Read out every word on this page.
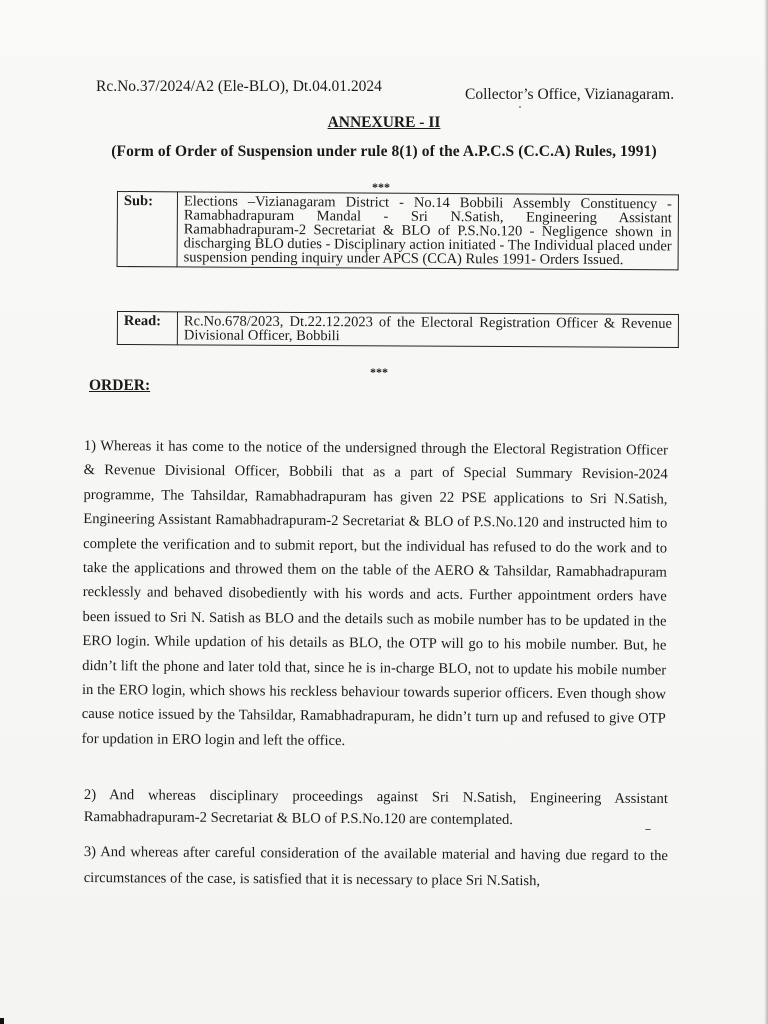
Rc.No.37/2024/A2 (Ele-BLO), Dt.04.01.2024	Collector’s Office, Vizianagaram.
ANNEXURE - II
(Form of Order of Suspension under rule 8(1) of the A.P.C.S (C.C.A) Rules, 1991)
***
Sub:	Elections –Vizianagaram District - No.14 Bobbili Assembly Constituency - Ramabhadrapuram Mandal - Sri N.Satish, Engineering Assistant Ramabhadrapuram-2 Secretariat & BLO of P.S.No.120 - Negligence shown in discharging BLO duties - Disciplinary action initiated - The Individual placed under suspension pending inquiry under APCS (CCA) Rules 1991- Orders Issued.
Read:	Rc.No.678/2023, Dt.22.12.2023 of the Electoral Registration Officer & Revenue Divisional Officer, Bobbili
***
ORDER:

1) Whereas it has come to the notice of the undersigned through the Electoral Registration Officer & Revenue Divisional Officer, Bobbili that as a part of Special Summary Revision-2024 programme, The Tahsildar, Ramabhadrapuram has given 22 PSE applications to Sri N.Satish, Engineering Assistant Ramabhadrapuram-2 Secretariat & BLO of P.S.No.120 and instructed him to complete the verification and to submit report, but the individual has refused to do the work and to take the applications and throwed them on the table of the AERO & Tahsildar, Ramabhadrapuram recklessly and behaved disobediently with his words and acts. Further appointment orders have been issued to Sri N. Satish as BLO and the details such as mobile number has to be updated in the ERO login. While updation of his details as BLO, the OTP will go to his mobile number. But, he didn’t lift the phone and later told that, since he is in-charge BLO, not to update his mobile number in the ERO login, which shows his reckless behaviour towards superior officers. Even though show cause notice issued by the Tahsildar, Ramabhadrapuram, he didn’t turn up and refused to give OTP for updation in ERO login and left the office.

2) And whereas disciplinary proceedings against Sri N.Satish, Engineering Assistant Ramabhadrapuram-2 Secretariat & BLO of P.S.No.120 are contemplated.

3) And whereas after careful consideration of the available material and having due regard to the circumstances of the case, is satisfied that it is necessary to place Sri N.Satish,
